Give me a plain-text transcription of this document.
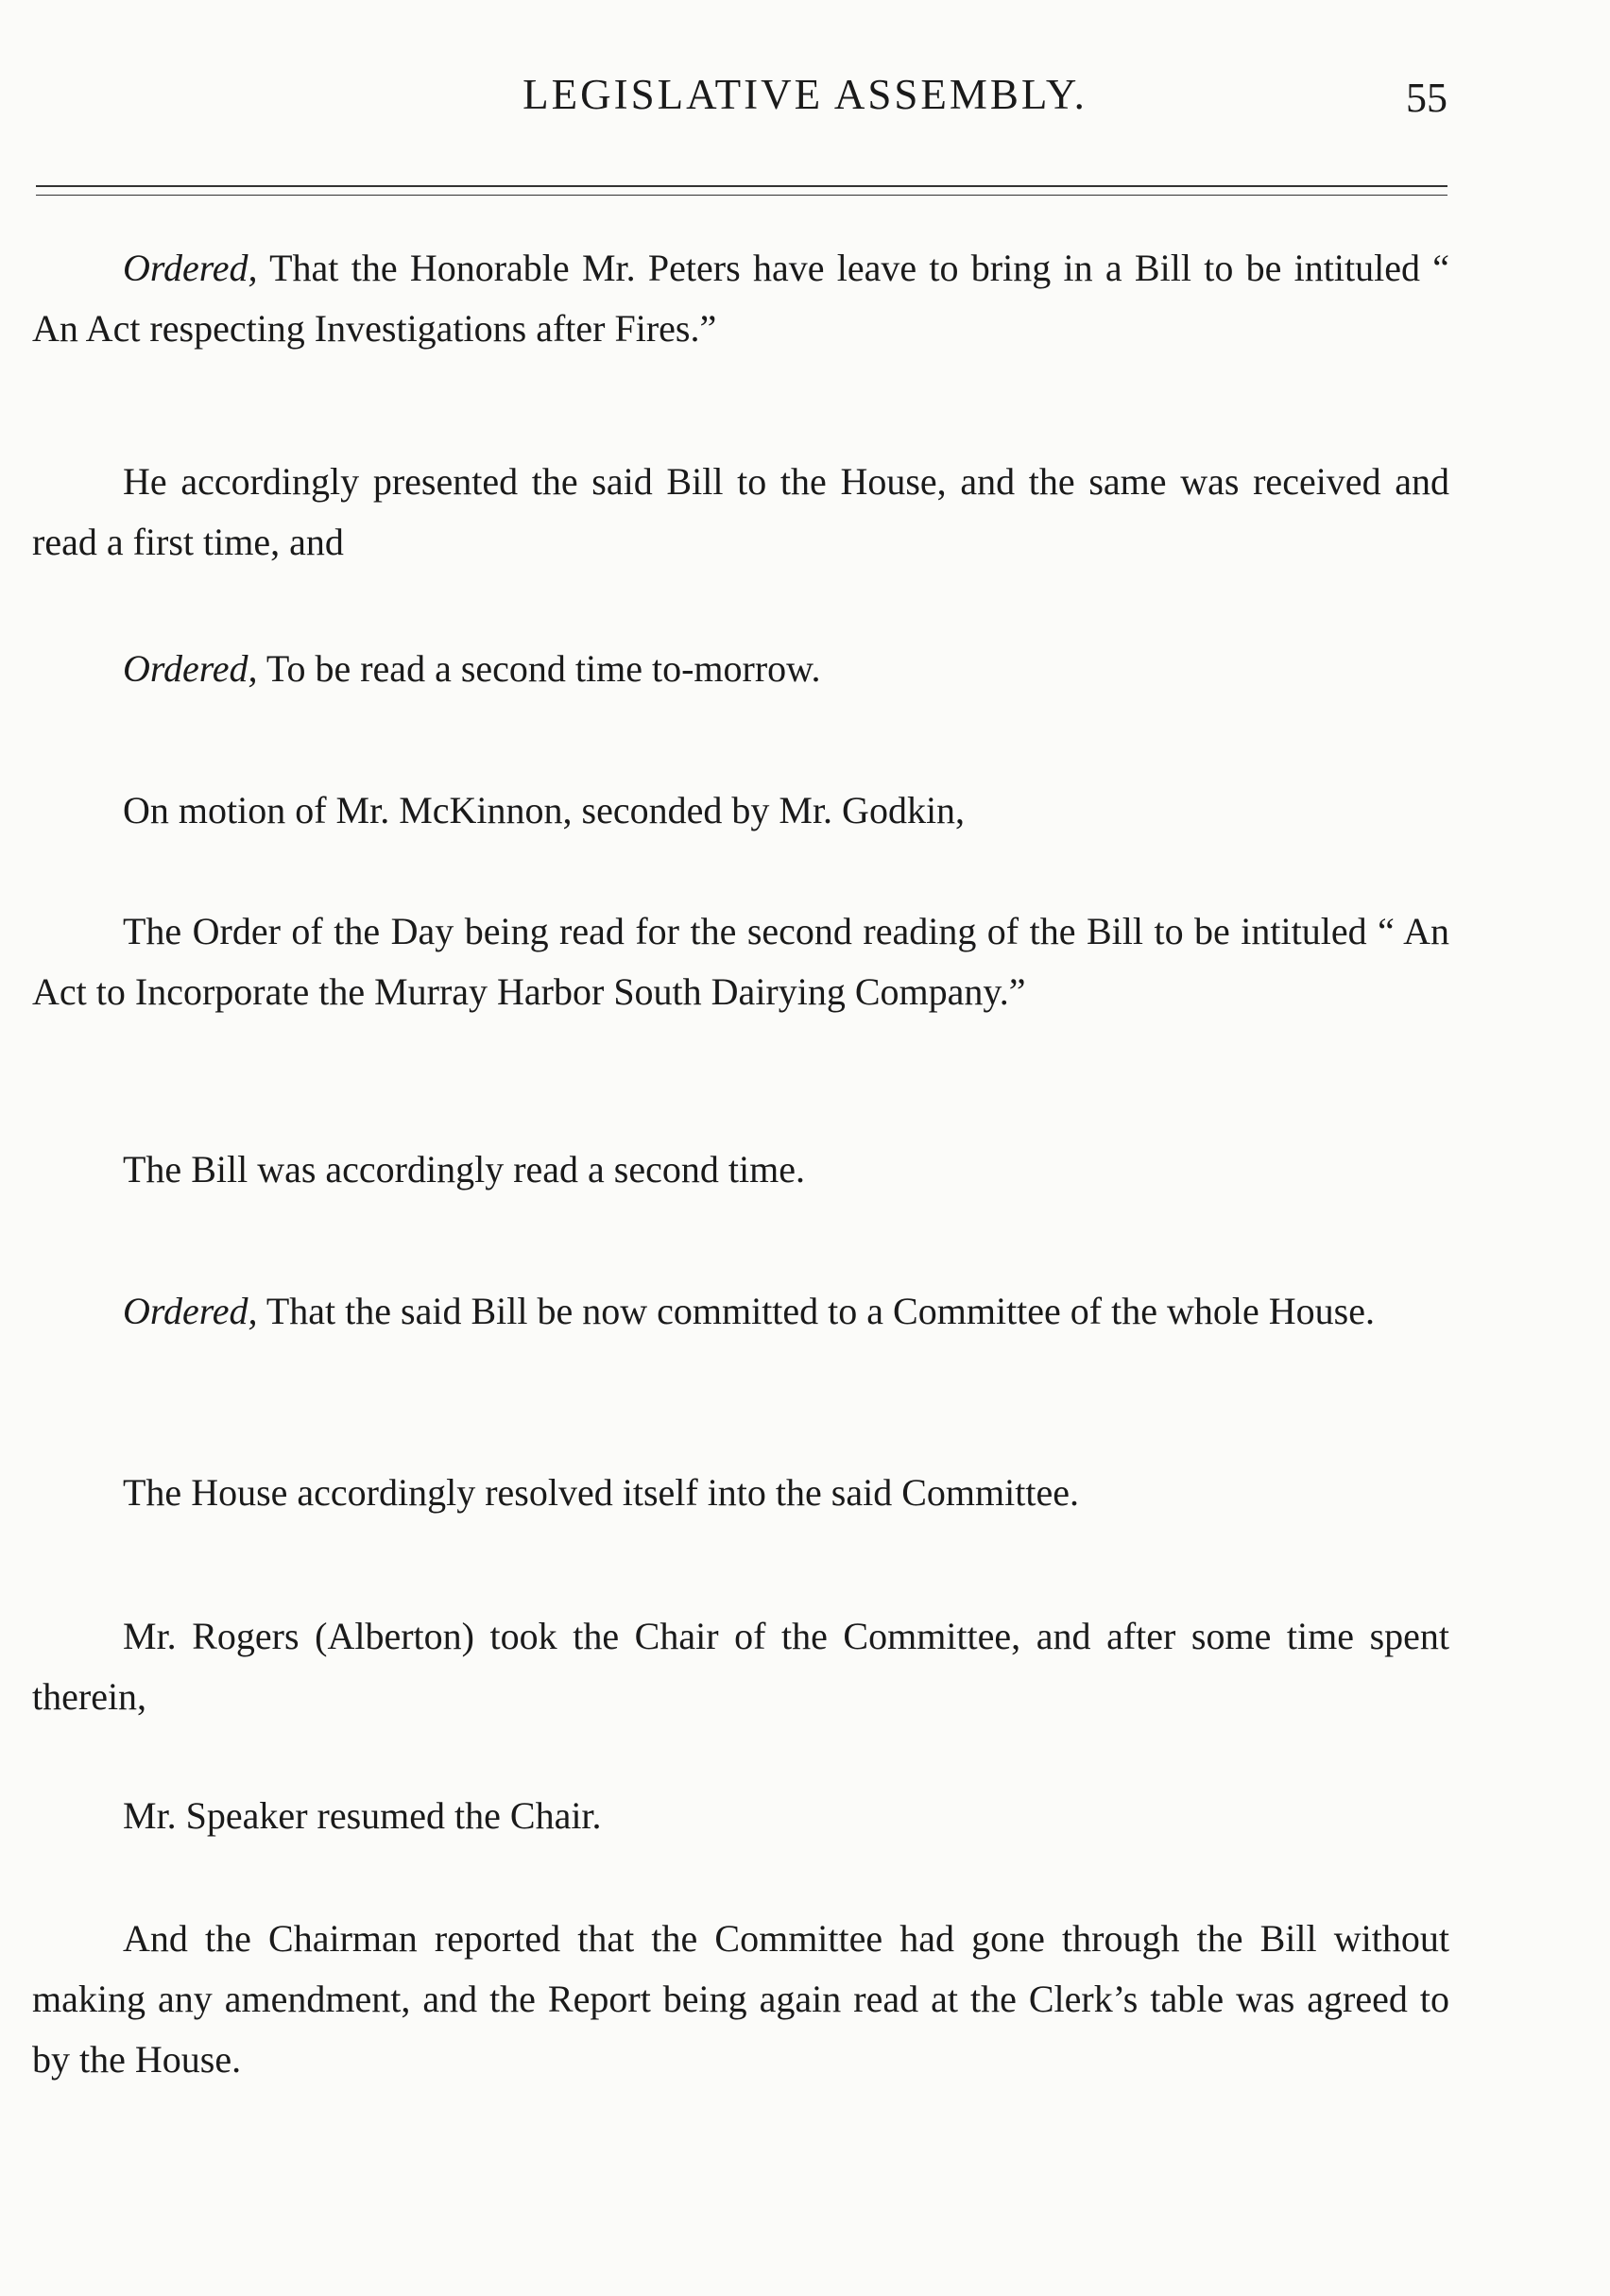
LEGISLATIVE ASSEMBLY.	55

Ordered, That the Honorable Mr. Peters have leave to bring in a Bill to be intituled “ An Act respecting Investigations after Fires.”

He accordingly presented the said Bill to the House, and the same was received and read a first time, and

Ordered, To be read a second time to-morrow.

On motion of Mr. McKinnon, seconded by Mr. Godkin,

The Order of the Day being read for the second reading of the Bill to be intituled “ An Act to Incorporate the Murray Harbor South Dairying Company.”

The Bill was accordingly read a second time.

Ordered, That the said Bill be now committed to a Committee of the whole House.

The House accordingly resolved itself into the said Committee.

Mr. Rogers (Alberton) took the Chair of the Committee, and after some time spent therein,

Mr. Speaker resumed the Chair.

And the Chairman reported that the Committee had gone through the Bill without making any amendment, and the Report being again read at the Clerk’s table was agreed to by the House.
